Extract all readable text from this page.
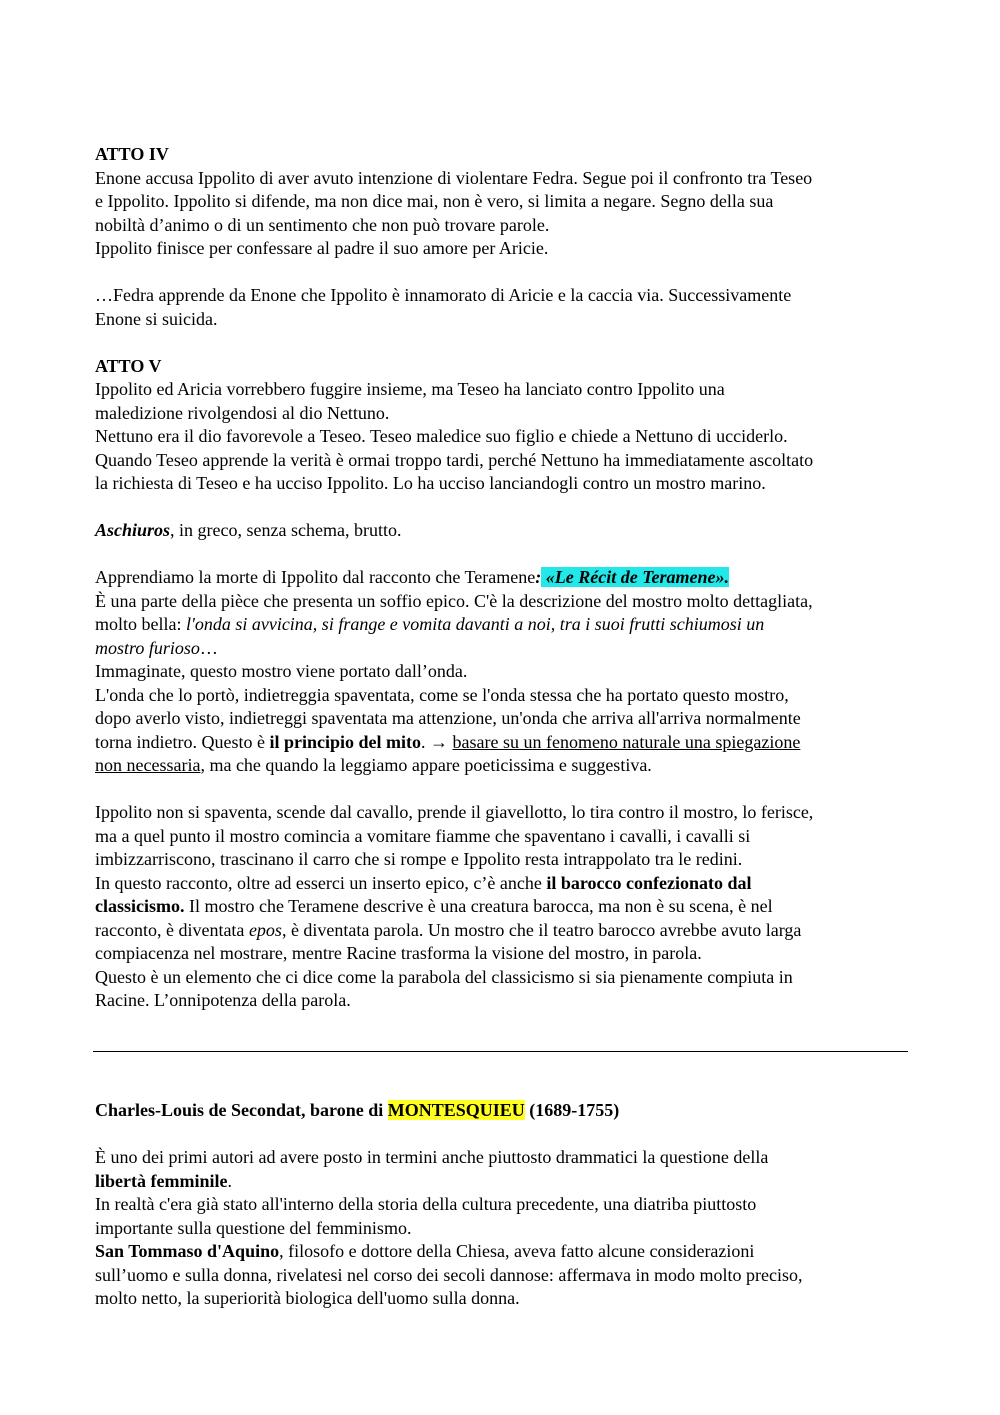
ATTO IV

Enone accusa Ippolito di aver avuto intenzione di violentare Fedra. Segue poi il confronto tra Teseo

e Ippolito. Ippolito si difende, ma non dice mai, non è vero, si limita a negare. Segno della sua

nobiltà d’animo o di un sentimento che non può trovare parole.

Ippolito finisce per confessare al padre il suo amore per Aricie.

…Fedra apprende da Enone che Ippolito è innamorato di Aricie e la caccia via. Successivamente

Enone si suicida.

ATTO V

Ippolito ed Aricia vorrebbero fuggire insieme, ma Teseo ha lanciato contro Ippolito una

maledizione rivolgendosi al dio Nettuno.

Nettuno era il dio favorevole a Teseo. Teseo maledice suo figlio e chiede a Nettuno di ucciderlo.

Quando Teseo apprende la verità è ormai troppo tardi, perché Nettuno ha immediatamente ascoltato

la richiesta di Teseo e ha ucciso Ippolito. Lo ha ucciso lanciandogli contro un mostro marino.

Aschiuros, in greco, senza schema, brutto.

Apprendiamo la morte di Ippolito dal racconto che Teramene: «Le Récit de Teramene».

È una parte della pièce che presenta un soffio epico. C'è la descrizione del mostro molto dettagliata,

molto bella: l'onda si avvicina, si frange e vomita davanti a noi, tra i suoi frutti schiumosi un

mostro furioso…

Immaginate, questo mostro viene portato dall’onda.

L'onda che lo portò, indietreggia spaventata, come se l'onda stessa che ha portato questo mostro,

dopo averlo visto, indietreggi spaventata ma attenzione, un'onda che arriva all'arriva normalmente

torna indietro. Questo è il principio del mito. → basare su un fenomeno naturale una spiegazione

non necessaria, ma che quando la leggiamo appare poeticissima e suggestiva.

Ippolito non si spaventa, scende dal cavallo, prende il giavellotto, lo tira contro il mostro, lo ferisce,

ma a quel punto il mostro comincia a vomitare fiamme che spaventano i cavalli, i cavalli si

imbizzarriscono, trascinano il carro che si rompe e Ippolito resta intrappolato tra le redini.

In questo racconto, oltre ad esserci un inserto epico, c’è anche il barocco confezionato dal

classicismo. Il mostro che Teramene descrive è una creatura barocca, ma non è su scena, è nel

racconto, è diventata epos, è diventata parola. Un mostro che il teatro barocco avrebbe avuto larga

compiacenza nel mostrare, mentre Racine trasforma la visione del mostro, in parola.

Questo è un elemento che ci dice come la parabola del classicismo si sia pienamente compiuta in

Racine. L’onnipotenza della parola.

Charles-Louis de Secondat, barone di MONTESQUIEU (1689-1755)

È uno dei primi autori ad avere posto in termini anche piuttosto drammatici la questione della

libertà femminile.

In realtà c'era già stato all'interno della storia della cultura precedente, una diatriba piuttosto

importante sulla questione del femminismo.

San Tommaso d'Aquino, filosofo e dottore della Chiesa, aveva fatto alcune considerazioni

sull’uomo e sulla donna, rivelatesi nel corso dei secoli dannose: affermava in modo molto preciso,

molto netto, la superiorità biologica dell'uomo sulla donna.
